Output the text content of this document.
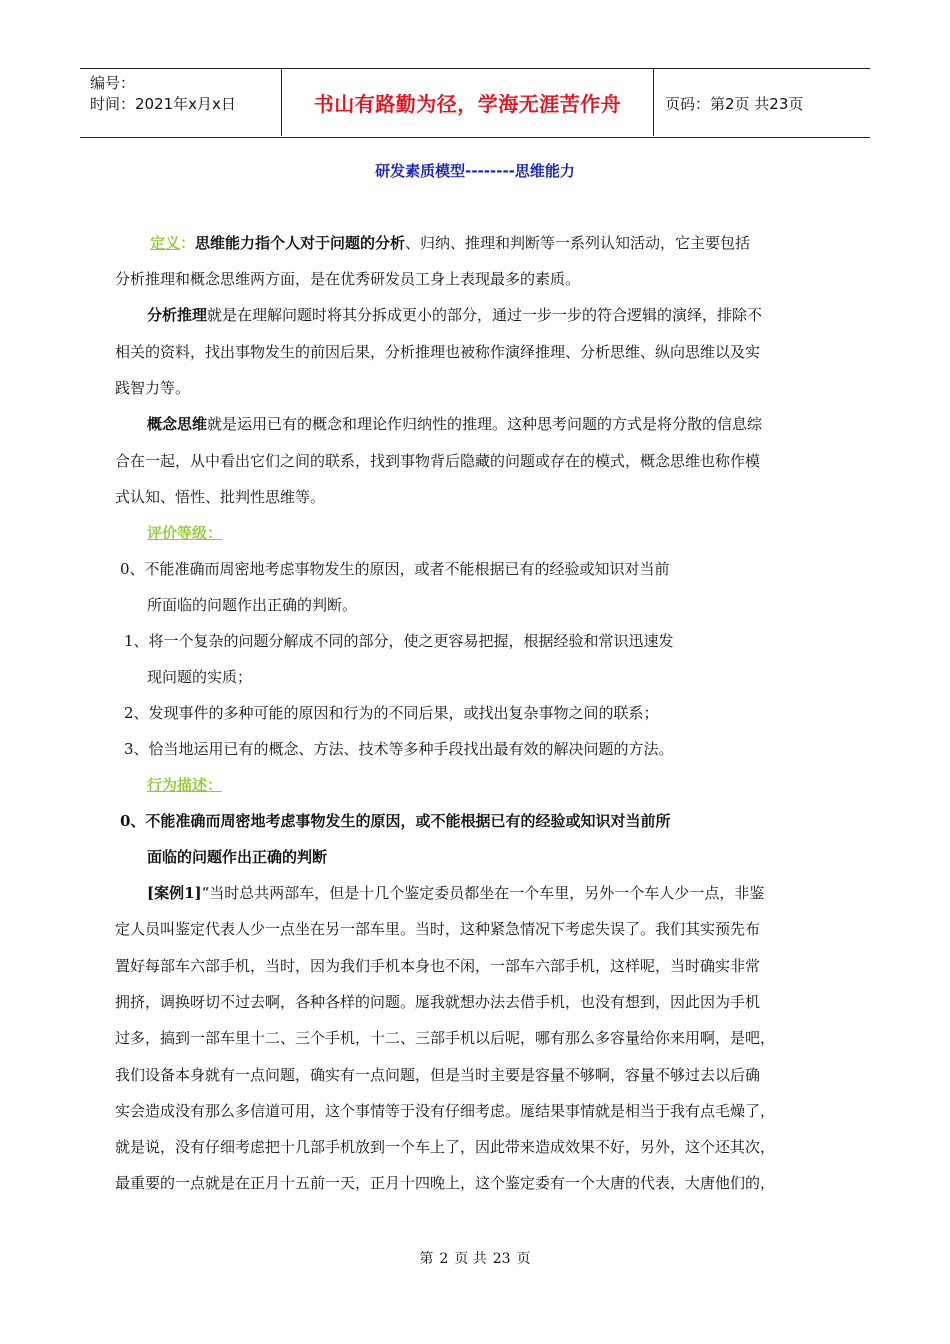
编号：
时间：2021年x月x日	书山有路勤为径，学海无涯苦作舟	页码：第2页 共23页
研发素质模型--------思维能力
定义：思维能力指个人对于问题的分析、归纳、推理和判断等一系列认知活动，它主要包括
分析推理和概念思维两方面，是在优秀研发员工身上表现最多的素质。
分析推理就是在理解问题时将其分拆成更小的部分，通过一步一步的符合逻辑的演绎，排除不
相关的资料，找出事物发生的前因后果，分析推理也被称作演绎推理、分析思维、纵向思维以及实
践智力等。
概念思维就是运用已有的概念和理论作归纳性的推理。这种思考问题的方式是将分散的信息综
合在一起，从中看出它们之间的联系，找到事物背后隐藏的问题或存在的模式，概念思维也称作模
式认知、悟性、批判性思维等。
评价等级：
0、不能准确而周密地考虑事物发生的原因，或者不能根据已有的经验或知识对当前
所面临的问题作出正确的判断。
1、将一个复杂的问题分解成不同的部分，使之更容易把握，根据经验和常识迅速发
现问题的实质；
2、发现事件的多种可能的原因和行为的不同后果，或找出复杂事物之间的联系；
3、恰当地运用已有的概念、方法、技术等多种手段找出最有效的解决问题的方法。
行为描述：
0、不能准确而周密地考虑事物发生的原因，或不能根据已有的经验或知识对当前所
面临的问题作出正确的判断
[案例1]“当时总共两部车，但是十几个鉴定委员都坐在一个车里，另外一个车人少一点，非鉴
定人员叫鉴定代表人少一点坐在另一部车里。当时，这种紧急情况下考虑失误了。我们其实预先布
置好每部车六部手机，当时，因为我们手机本身也不闲，一部车六部手机，这样呢，当时确实非常
拥挤，调换呀切不过去啊，各种各样的问题。厖我就想办法去借手机，也没有想到，因此因为手机
过多，搞到一部车里十二、三个手机，十二、三部手机以后呢，哪有那么多容量给你来用啊，是吧，
我们设备本身就有一点问题，确实有一点问题，但是当时主要是容量不够啊，容量不够过去以后确
实会造成没有那么多信道可用，这个事情等于没有仔细考虑。厖结果事情就是相当于我有点毛燥了，
就是说，没有仔细考虑把十几部手机放到一个车上了，因此带来造成效果不好，另外，这个还其次，
最重要的一点就是在正月十五前一天，正月十四晚上，这个鉴定委有一个大唐的代表，大唐他们的，
第 2 页 共 23 页
